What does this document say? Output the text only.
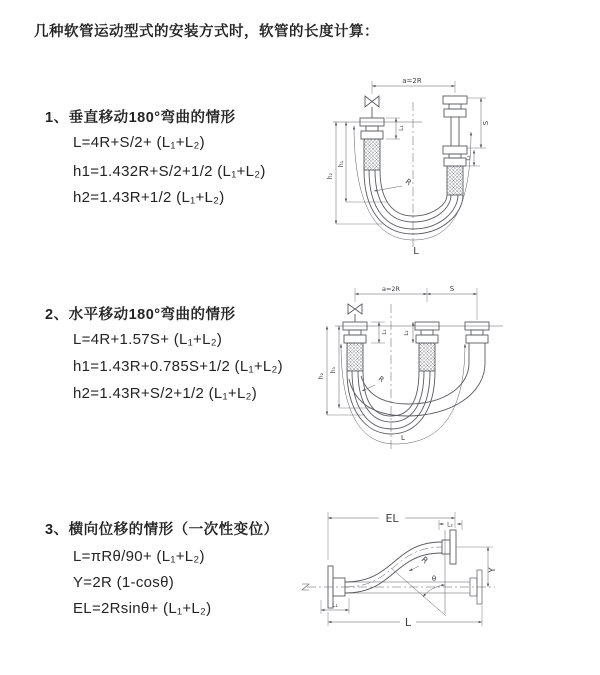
几种软管运动型式的安装方式时，软管的长度计算：
1、垂直移动180°弯曲的情形
L=4R+S/2+ (L₁+L₂)
h1=1.432R+S/2+1/2 (L₁+L₂)
h2=1.43R+1/2 (L₁+L₂)
2、水平移动180°弯曲的情形
L=4R+1.57S+ (L₁+L₂)
h1=1.43R+0.785S+1/2 (L₁+L₂)
h2=1.43R+S/2+1/2 (L₁+L₂)
3、横向位移的情形（一次性变位）
L=πRθ/90+ (L₁+L₂)
Y=2R (1-cosθ)
EL=2Rsinθ+ (L₁+L₂)
a=2R
L₁
S
L₂
L
h₁
h₂
R
a=2R	S
L₁	L₂
L
h₁
h₂	R
EL	L₂
Y
L₁
L
θ
R
